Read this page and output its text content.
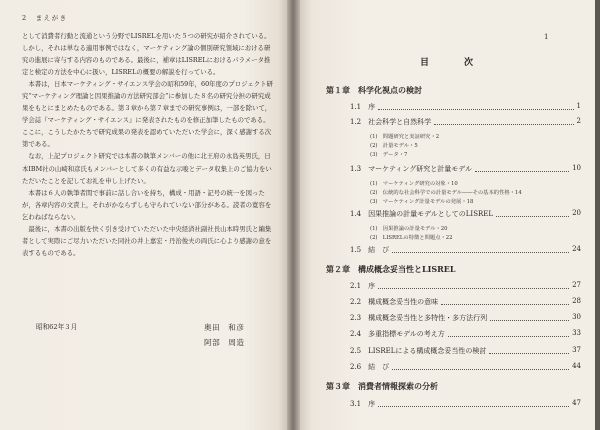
2　まえがき

として消費者行動と流通という分野でLISRELを用いた５つの研究が紹介されている。しかし，それは単なる適用事例ではなく，マーケティング論の個別研究領域における研究の進展に寄与する内容のものである。最後に，補章はLISRELにおけるパラメータ推定と検定の方法を中心に扱い，LISRELの概要の解説を行っている。

本書は，日本マーケティング・サイエンス学会の昭和59年，60年度のプロジェクト研究“マーケティング理論と因果推論の方法研究部会”に参加した８名の研究分担の研究成果をもとにまとめたものである。第３章から第７章までの研究事例は，一部を除いて，学会誌『マーケティング・サイエンス』に発表されたものを修正加筆したものである。ここに，こうしたかたちで研究成果の発表を認めていただいた学会に，深く感謝する次第である。

なお，上記プロジェクト研究では本書の執筆メンバーの他に北王府の永島英男氏，日本IBM社の山崎和彦氏もメンバーとして多くの有益な示唆とデータ収集上のご協力をいただいたことを記してお礼を申し上げたい。

本書は６人の執筆者間で事前に話し合いを持ち，構成・用語・記号の統一を図ったが，各章内容の文責上，それがかならずしも守られていない部分がある。読者の寛容を乞わねばならない。

最後に，本書の出版を快く引き受けていただいた中央経済社副社長山本時男氏と編集者として実際にご尽力いただいた同社の井上嘉宏・丹治俊夫の両氏に心より感謝の意を表するものである。

昭和62年３月	奥田　和彦
阿部　周造
1
目　次
第１章　科学化視点の検討
1.1　序	1
1.2　社会科学と自然科学	2
(1)　問題研究と実証研究・2
(2)　計量モデル・5
(3)　データ・7
1.3　マーケティング研究と計量モデル	10
(1)　マーケティング研究の対象・10
(2)　伝統的な社会科学での計量モデル――その基本的性格・14
(3)　マーケティング計量モデルの発展・18
1.4　因果推論の計量モデルとしてのLISREL	20
(1)　因果推論の計量モデル・20
(2)　LISRELの特徴と問題点・22
1.5　結　び	24
第２章　構成概念妥当性とLISREL
2.1　序	27
2.2　構成概念妥当性の意味	28
2.3　構成概念妥当性と多特性・多方法行列	30
2.4　多重指標モデルの考え方	33
2.5　LISRELによる構成概念妥当性の検討	37
2.6　結　び	44
第３章　消費者情報探索の分析
3.1　序	47
